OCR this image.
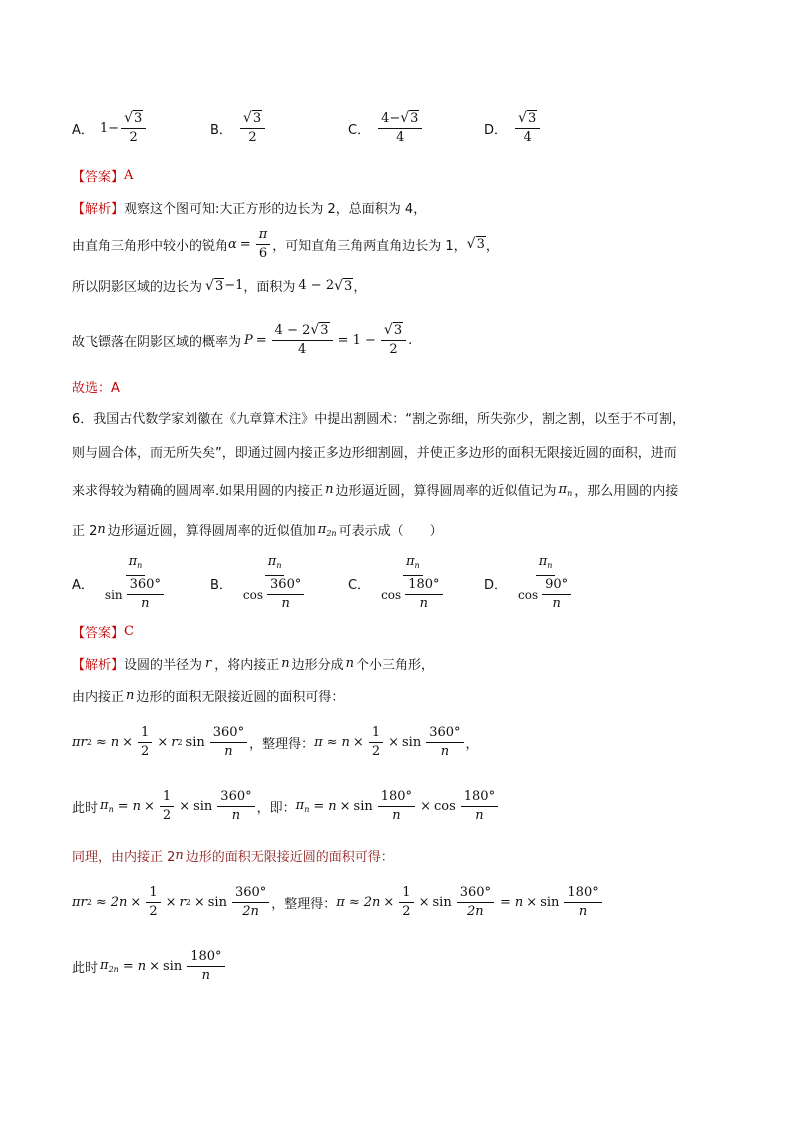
A． $1- \frac{√ 3}{2}$	B． $\frac{√ 3}{2}$	C． $\frac{4- √ 3}{4}$	D． $\frac{√ 3}{4}$
【答案】 A
【解析】 观察这个图可知:大正方形的边长为 2，总面积为 4，
由直角三角形中较小的锐角 $\alpha = \frac{\pi}{6}$ ，可知直角三角两直角边长为 1， √ 3 ，
所以阴影区域的边长为 √ 3 −1 ，面积为 4 − 2 √ 3 ，
故飞镖落在阴影区域的概率为 $P = \frac{4 - 2 √ 3}{4} = 1 - \frac{√ 3}{2}$ .
故选：A
6．我国古代数学家刘徽在《九章算术注》中提出割圆术：“割之弥细，所失弥少，割之割，以至于不可割，
则与圆合体，而无所失矣”，即通过圆内接正多边形细割圆，并使正多边形的面积无限接近圆的面积，进而
来求得较为精确的圆周率.如果用圆的内接正 n 边形逼近圆，算得圆周率的近似值记为 $\pi_n$ ，那么用圆的内接
正 2 n 边形逼近圆，算得圆周率的近似值加 $\pi_{2n}$ 可表示成（　　）
A． $\frac{\pi_n}{\sin \frac{360^\circ}{n}}$	B． $\frac{\pi_n}{\cos \frac{360^\circ}{n}}$	C． $\frac{\pi_n}{\cos \frac{180^\circ}{n}}$	D． $\frac{\pi_n}{\cos \frac{90^\circ}{n}}$
【答案】 C
【解析】 设圆的半径为 r ，将内接正 n 边形分成 n 个小三角形，
由内接正 n 边形的面积无限接近圆的面积可得：
π r $2 \approx n \times \frac{1}{2} \times r$ 2 $\sin \frac{360^\circ}{n}$ ，整理得： $\pi \approx n \times \frac{1}{2} \times \sin \frac{360^\circ}{n}$ ，
此时 $\pi_n = n \times \frac{1}{2} \times \sin \frac{360^\circ}{n}$ ，即： $\pi_n = n \times \sin \frac{180^\circ}{n} \times \cos \frac{180^\circ}{n}$
同理，由内接正 2 n 边形的面积无限接近圆的面积可得：
π r $2 \approx 2n \times \frac{1}{2} \times r$ $2 \times \sin \frac{360^\circ}{2n}$ ，整理得： $\pi \approx 2n \times \frac{1}{2} \times \sin \frac{360^\circ}{2n} = n \times \sin \frac{180^\circ}{n}$
此时 $\pi_{2n} = n \times \sin \frac{180^\circ}{n}$
